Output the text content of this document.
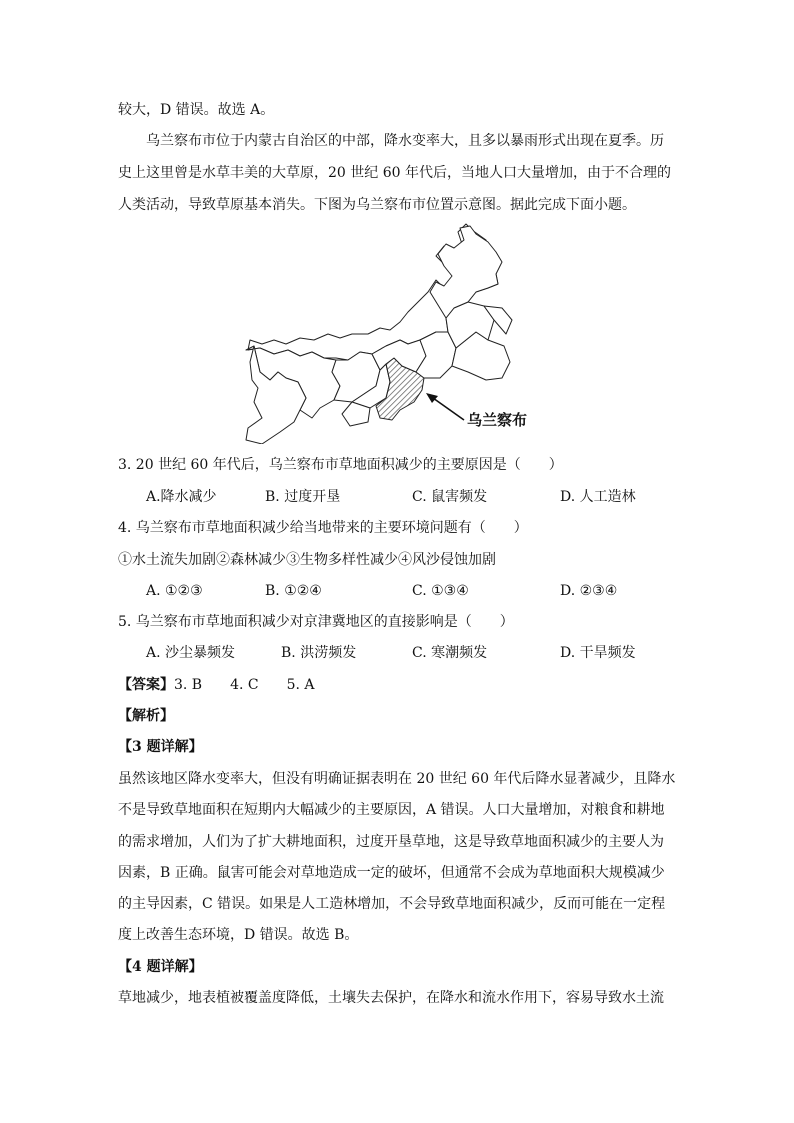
较大，D 错误。故选 A。
乌兰察布市位于内蒙古自治区的中部，降水变率大，且多以暴雨形式出现在夏季。历
史上这里曾是水草丰美的大草原，20 世纪 60 年代后，当地人口大量增加，由于不合理的
人类活动，导致草原基本消失。下图为乌兰察布市位置示意图。据此完成下面小题。
乌兰察布
3. 20 世纪 60 年代后，乌兰察布市草地面积减少的主要原因是（　　）
A.降水减少	B. 过度开垦	C. 鼠害频发	D. 人工造林
4. 乌兰察布市草地面积减少给当地带来的主要环境问题有（　　）
①水土流失加剧②森林减少③生物多样性减少④风沙侵蚀加剧
A. ①②③	B. ①②④	C. ①③④	D. ②③④
5. 乌兰察布市草地面积减少对京津冀地区的直接影响是（　　）
A. 沙尘暴频发	B. 洪涝频发	C. 寒潮频发	D. 干旱频发
【答案】3. B　　4. C　　5. A
【解析】
【3 题详解】
虽然该地区降水变率大，但没有明确证据表明在 20 世纪 60 年代后降水显著减少，且降水
不是导致草地面积在短期内大幅减少的主要原因，A 错误。人口大量增加，对粮食和耕地
的需求增加，人们为了扩大耕地面积，过度开垦草地，这是导致草地面积减少的主要人为
因素，B 正确。鼠害可能会对草地造成一定的破坏，但通常不会成为草地面积大规模减少
的主导因素，C 错误。如果是人工造林增加，不会导致草地面积减少，反而可能在一定程
度上改善生态环境，D 错误。故选 B。
【4 题详解】
草地减少，地表植被覆盖度降低，土壤失去保护，在降水和流水作用下，容易导致水土流
